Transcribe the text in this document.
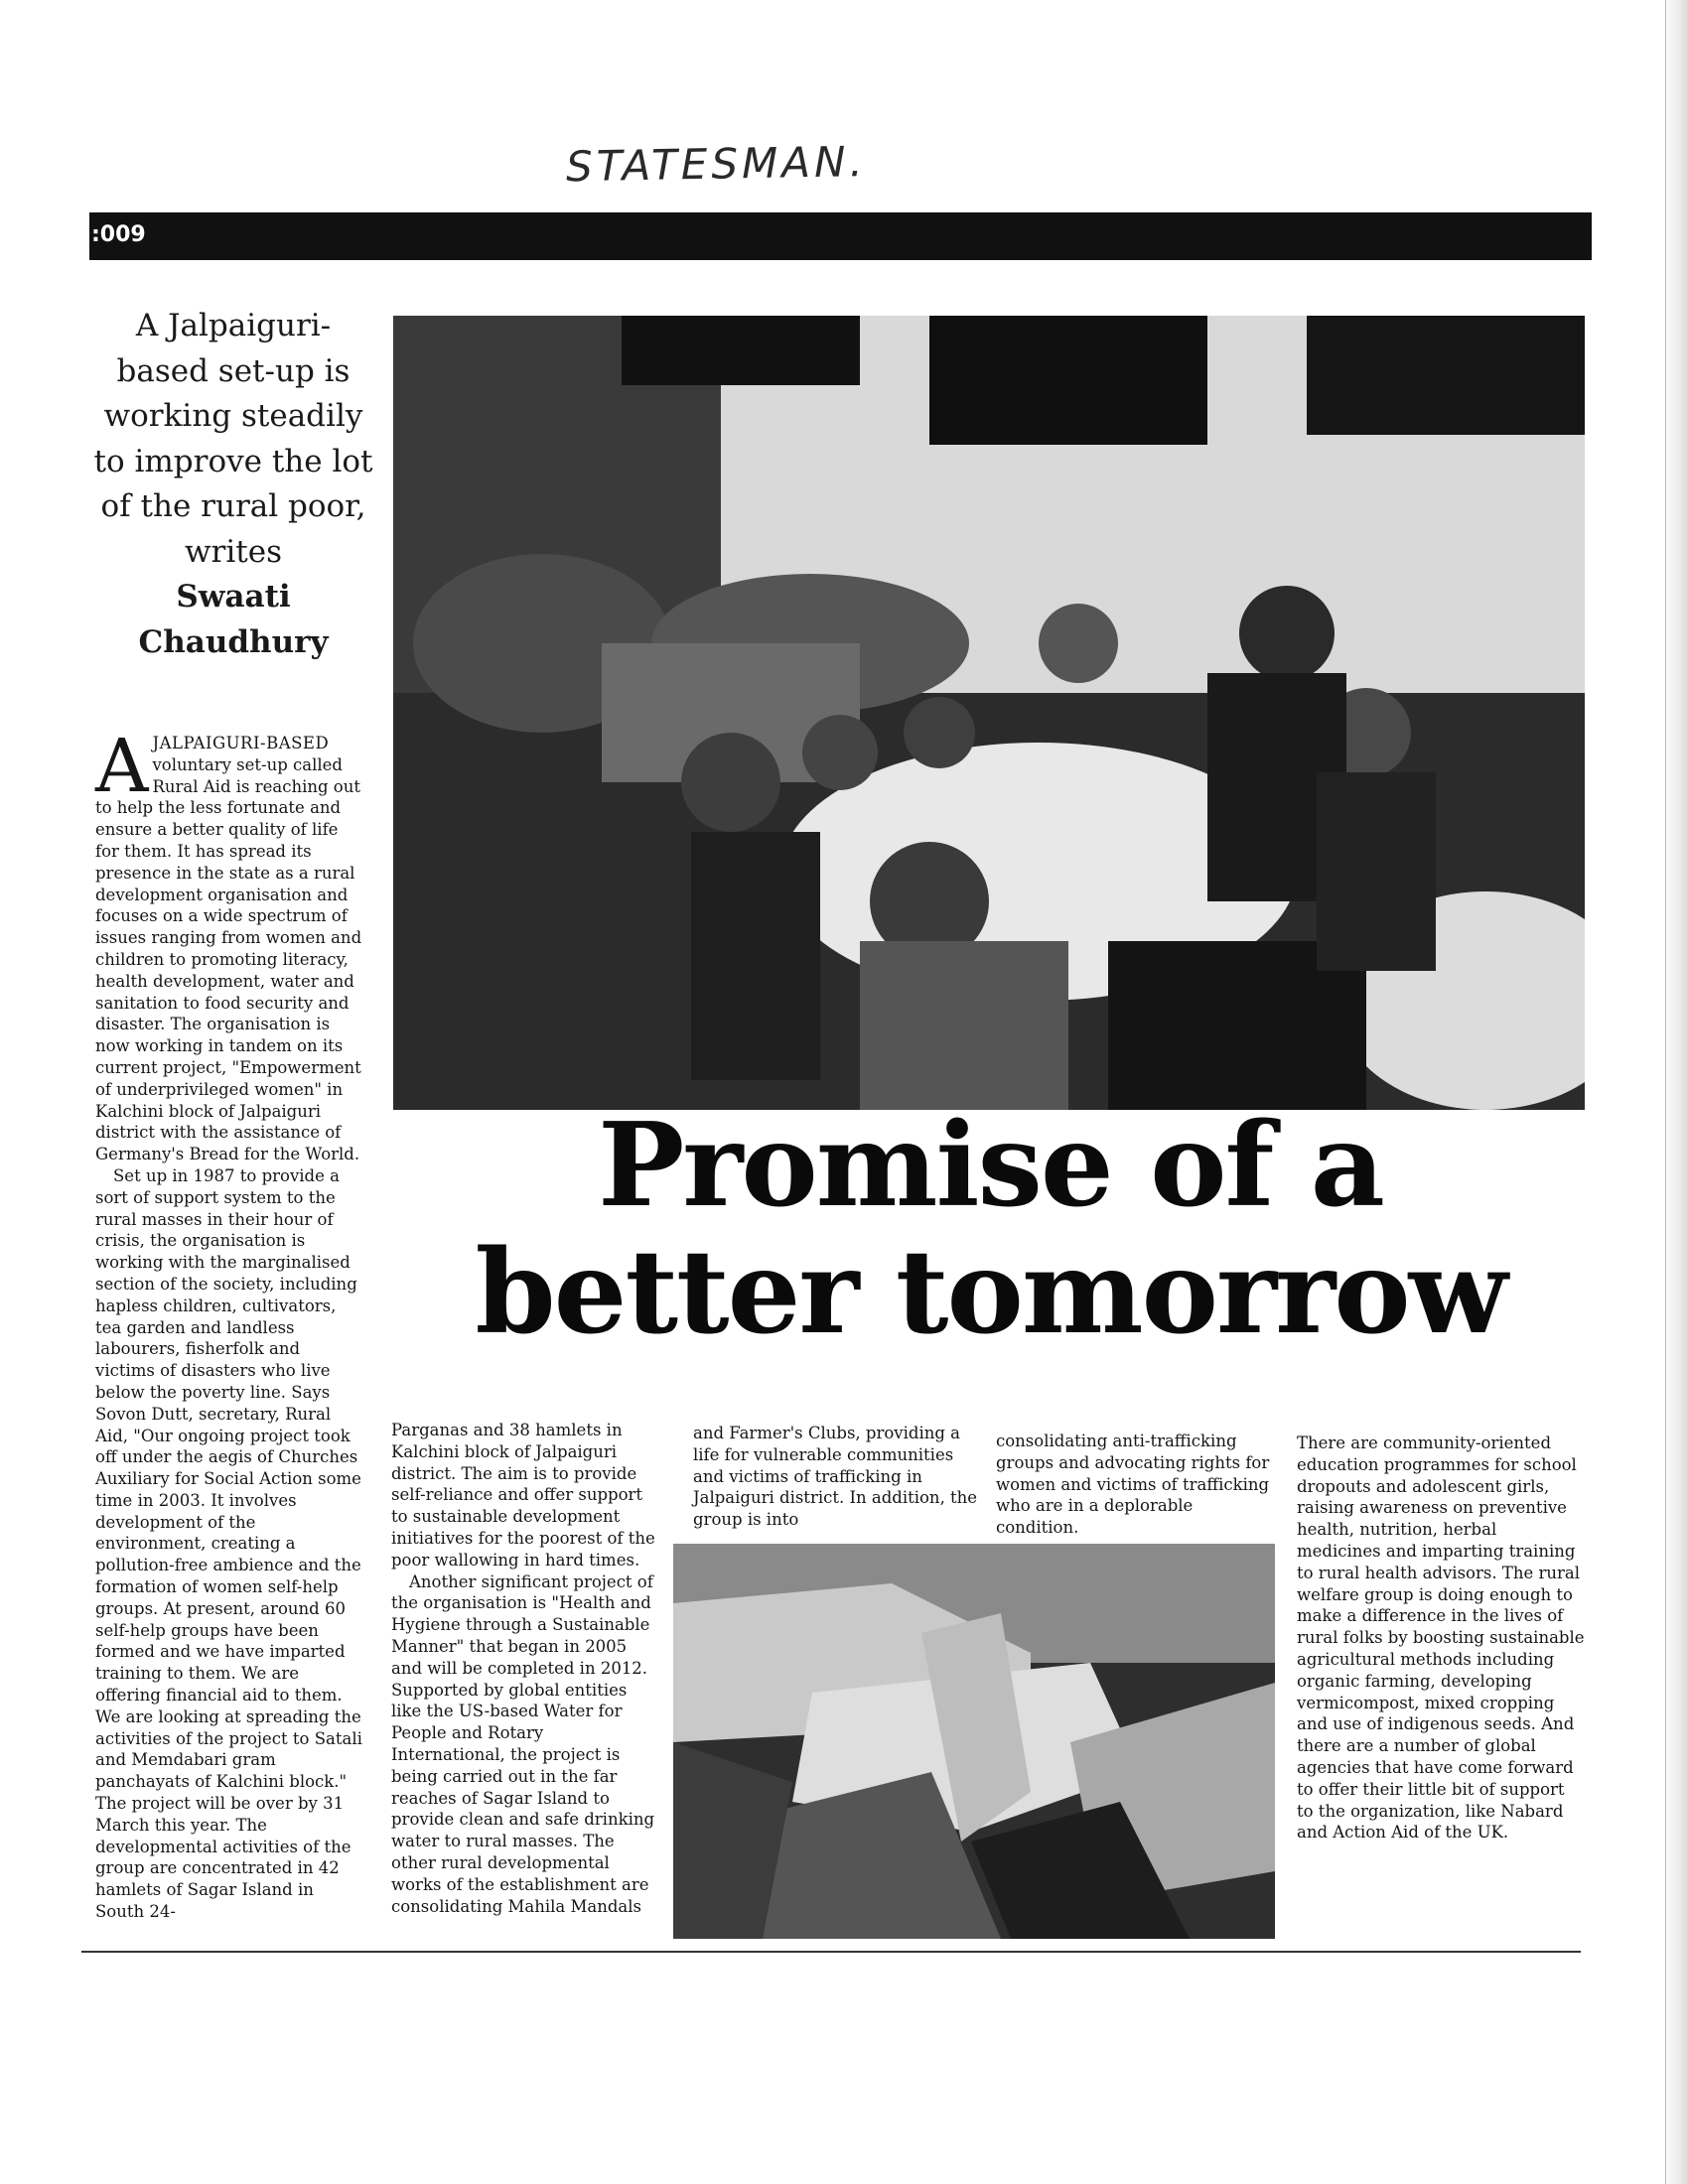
STATESMAN.
:009
A Jalpaiguri-based set-up is working steadily to improve the lot of the rural poor, writes
Swaati Chaudhury
Promise of a
better tomorrow

A JALPAIGURI-BASED voluntary set-up called Rural Aid is reaching out to help the less fortunate and ensure a better quality of life for them. It has spread its presence in the state as a rural development organisation and focuses on a wide spectrum of issues ranging from women and children to promoting literacy, health development, water and sanitation to food security and disaster. The organisation is now working in tandem on its current project, "Empowerment of underprivileged women" in Kalchini block of Jalpaiguri district with the assistance of Germany's Bread for the World.

Set up in 1987 to provide a sort of support system to the rural masses in their hour of crisis, the organisation is working with the marginalised section of the society, including hapless children, cultivators, tea garden and landless labourers, fisherfolk and victims of disasters who live below the poverty line. Says Sovon Dutt, secretary, Rural Aid, "Our ongoing project took off under the aegis of Churches Auxiliary for Social Action some time in 2003. It involves development of the environment, creating a pollution-free ambience and the formation of women self-help groups. At present, around 60 self-help groups have been formed and we have imparted training to them. We are offering financial aid to them. We are looking at spreading the activities of the project to Satali and Memdabari gram panchayats of Kalchini block." The project will be over by 31 March this year. The developmental activities of the group are concentrated in 42 hamlets of Sagar Island in South 24-

Parganas and 38 hamlets in Kalchini block of Jalpaiguri district. The aim is to provide self-reliance and offer support to sustainable development initiatives for the poorest of the poor wallowing in hard times.

Another significant project of the organisation is "Health and Hygiene through a Sustainable Manner" that began in 2005 and will be completed in 2012. Supported by global entities like the US-based Water for People and Rotary International, the project is being carried out in the far reaches of Sagar Island to provide clean and safe drinking water to rural masses. The other rural developmental works of the establishment are consolidating Mahila Mandals

and Farmer's Clubs, providing a life for vulnerable communities and victims of trafficking in Jalpaiguri district. In addition, the group is into

consolidating anti-trafficking groups and advocating rights for women and victims of trafficking who are in a deplorable condition.

There are community-oriented education programmes for school dropouts and adolescent girls, raising awareness on preventive health, nutrition, herbal medicines and imparting training to rural health advisors. The rural welfare group is doing enough to make a difference in the lives of rural folks by boosting sustainable agricultural methods including organic farming, developing vermicompost, mixed cropping and use of indigenous seeds. And there are a number of global agencies that have come forward to offer their little bit of support to the organization, like Nabard and Action Aid of the UK.
